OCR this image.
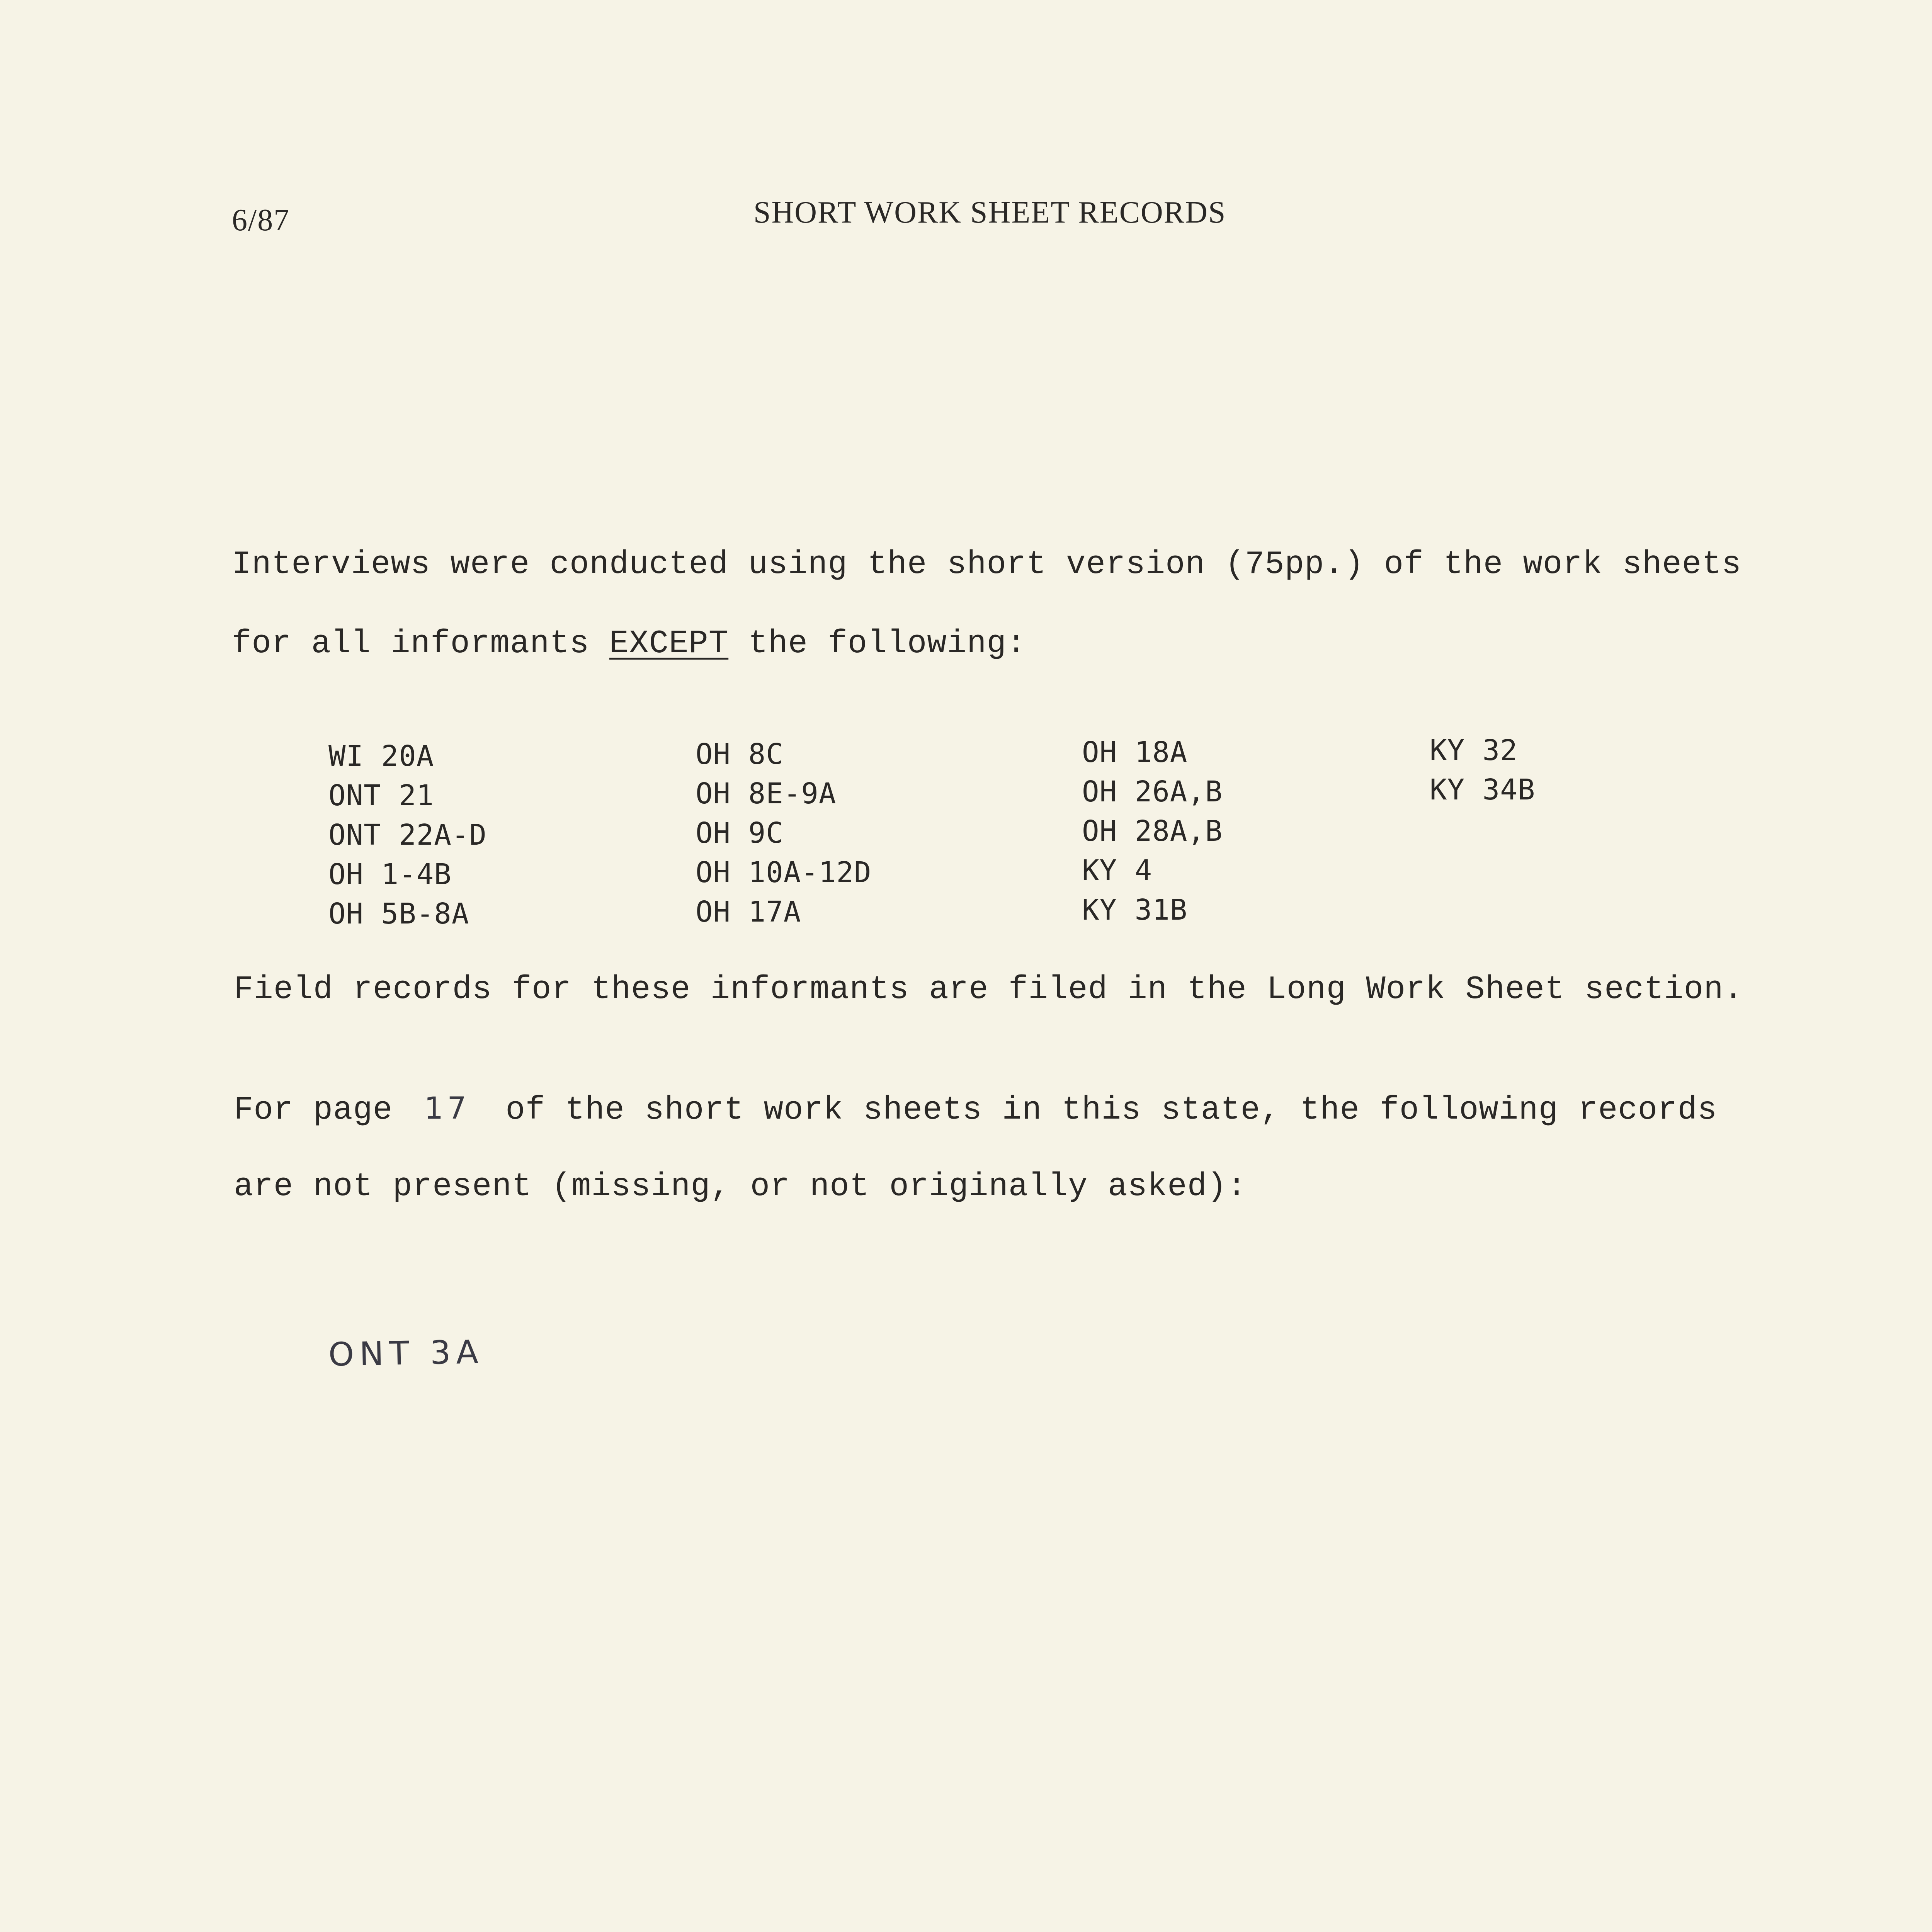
6/87	SHORT WORK SHEET RECORDS
Interviews were conducted using the short version (75pp.) of the work sheets
for all informants EXCEPT the following:
WI 20A
ONT 21
ONT 22A-D
OH 1-4B
OH 5B-8A
OH 8C
OH 8E-9A
OH 9C
OH 10A-12D
OH 17A
OH 18A
OH 26A,B
OH 28A,B
KY 4
KY 31B
KY 32
KY 34B
Field records for these informants are filed in the Long Work Sheet section.
For page 17 of the short work sheets in this state, the following records
are not present (missing, or not originally asked):
ONT 3A
